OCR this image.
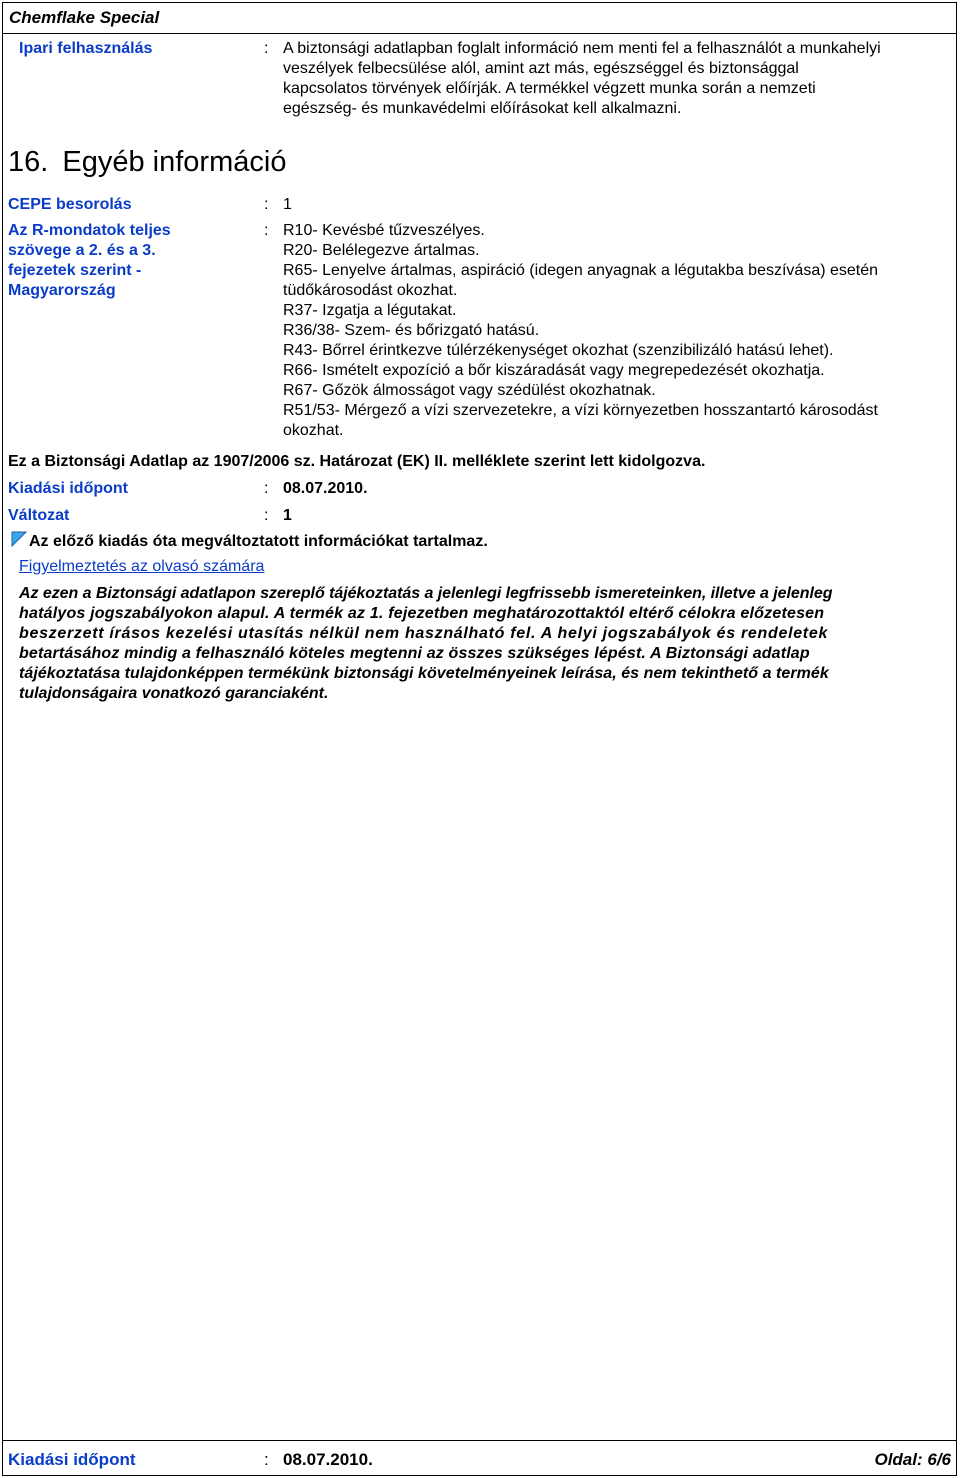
Chemflake Special
Ipari felhasználás	: A biztonsági adatlapban foglalt információ nem menti fel a felhasználót a munkahelyi
veszélyek felbecsülése alól, amint azt más, egészséggel és biztonsággal
kapcsolatos törvények előírják. A termékkel végzett munka során a nemzeti
egészség- és munkavédelmi előírásokat kell alkalmazni.
16. Egyéb információ
CEPE besorolás	: 1
Az R-mondatok teljes
szövege a 2. és a 3.
fejezetek szerint -
Magyarország
: R10- Kevésbé tűzveszélyes.
R20- Belélegezve ártalmas.
R65- Lenyelve ártalmas, aspiráció (idegen anyagnak a légutakba beszívása) esetén
tüdőkárosodást okozhat.
R37- Izgatja a légutakat.
R36/38- Szem- és bőrizgató hatású.
R43- Bőrrel érintkezve túlérzékenységet okozhat (szenzibilizáló hatású lehet).
R66- Ismételt expozíció a bőr kiszáradását vagy megrepedezését okozhatja.
R67- Gőzök álmosságot vagy szédülést okozhatnak.
R51/53- Mérgező a vízi szervezetekre, a vízi környezetben hosszantartó károsodást
okozhat.
Ez a Biztonsági Adatlap az 1907/2006 sz. Határozat (EK) II. melléklete szerint lett kidolgozva.
Kiadási időpont	: 08.07.2010.
Változat	: 1
Az előző kiadás óta megváltoztatott információkat tartalmaz.
Figyelmeztetés az olvasó számára
Az ezen a Biztonsági adatlapon szereplő tájékoztatás a jelenlegi legfrissebb ismereteinken, illetve a jelenleg
hatályos jogszabályokon alapul. A termék az 1. fejezetben meghatározottaktól eltérő célokra előzetesen
beszerzett írásos kezelési utasítás nélkül nem használható fel. A helyi jogszabályok és rendeletek
betartásához mindig a felhasználó köteles megtenni az összes szükséges lépést. A Biztonsági adatlap
tájékoztatása tulajdonképpen termékünk biztonsági követelményeinek leírása, és nem tekinthető a termék
tulajdonságaira vonatkozó garanciaként.
Kiadási időpont	: 08.07.2010.	Oldal: 6/6
